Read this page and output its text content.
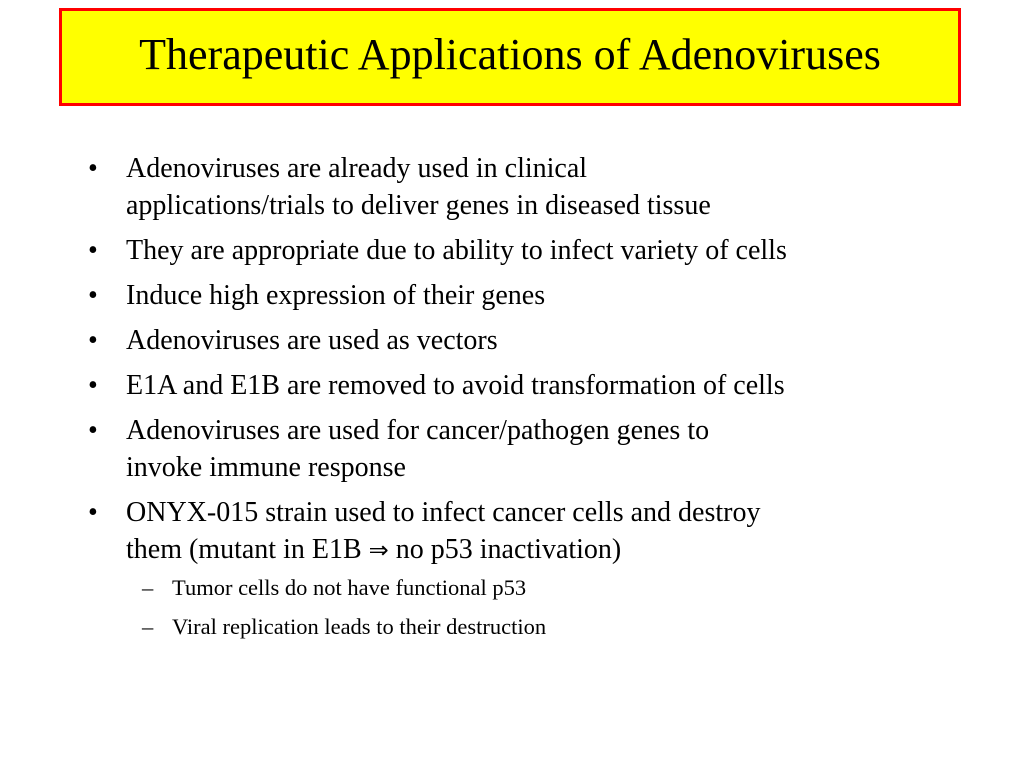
Therapeutic Applications of Adenoviruses
• Adenoviruses are already used in clinical
applications/trials to deliver genes in diseased tissue
• They are appropriate due to ability to infect variety of cells
• Induce high expression of their genes
• Adenoviruses are used as vectors
• E1A and E1B are removed to avoid transformation of cells
• Adenoviruses are used for cancer/pathogen genes to
invoke immune response
• ONYX-015 strain used to infect cancer cells and destroy
them (mutant in E1B ⇒ no p53 inactivation)
– Tumor cells do not have functional p53
– Viral replication leads to their destruction
